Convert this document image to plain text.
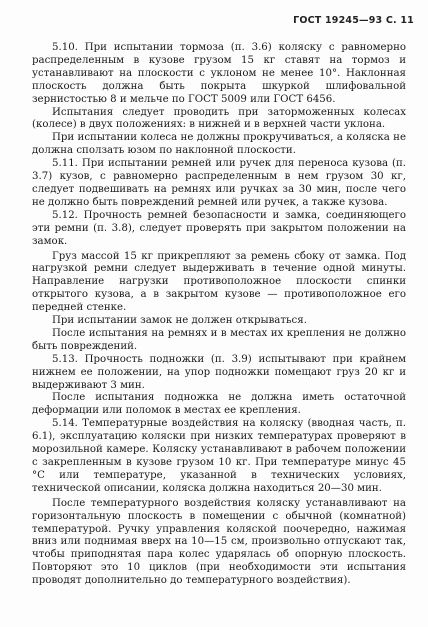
ГОСТ 19245—93 С. 11

5.10. При испытании тормоза (п. 3.6) коляску с равномерно распределенным в кузове грузом 15 кг ставят на тормоз и устанавливают на плоскости с уклоном не менее 10°. Наклонная плоскость должна быть покрыта шкуркой шлифовальной зернистостью 8 и мельче по ГОСТ 5009 или ГОСТ 6456.

Испытания следует проводить при заторможенных колесах (колесе) в двух положениях: в нижней и в верхней части уклона.

При испытании колеса не должны прокручиваться, а коляска не должна сползать юзом по наклонной плоскости.

5.11. При испытании ремней или ручек для переноса кузова (п. 3.7) кузов, с равномерно распределенным в нем грузом 30 кг, следует подвешивать на ремнях или ручках за 30 мин, после чего не должно быть повреждений ремней или ручек, а также кузова.

5.12. Прочность ремней безопасности и замка, соединяющего эти ремни (п. 3.8), следует проверять при закрытом положении на замок.

Груз массой 15 кг прикрепляют за ремень сбоку от замка. Под нагрузкой ремни следует выдерживать в течение одной минуты. Направление нагрузки противоположное плоскости спинки открытого кузова, а в закрытом кузове — противоположное его передней стенке.

При испытании замок не должен открываться.

После испытания на ремнях и в местах их крепления не должно быть повреждений.

5.13. Прочность подножки (п. 3.9) испытывают при крайнем нижнем ее положении, на упор подножки помещают груз 20 кг и выдерживают 3 мин.

После испытания подножка не должна иметь остаточной деформации или поломок в местах ее крепления.

5.14. Температурные воздействия на коляску (вводная часть, п. 6.1), эксплуатацию коляски при низких температурах проверяют в морозильной камере. Коляску устанавливают в рабочем положении с закрепленным в кузове грузом 10 кг. При температуре минус 45 °С или температуре, указанной в технических условиях, технической описании, коляска должна находиться 20—30 мин.

После температурного воздействия коляску устанавливают на горизонтальную плоскость в помещении с обычной (комнатной) температурой. Ручку управления коляской поочередно, нажимая вниз или поднимая вверх на 10—15 см, произвольно отпускают так, чтобы приподнятая пара колес ударялась об опорную плоскость. Повторяют это 10 циклов (при необходимости эти испытания проводят дополнительно до температурного воздействия).
